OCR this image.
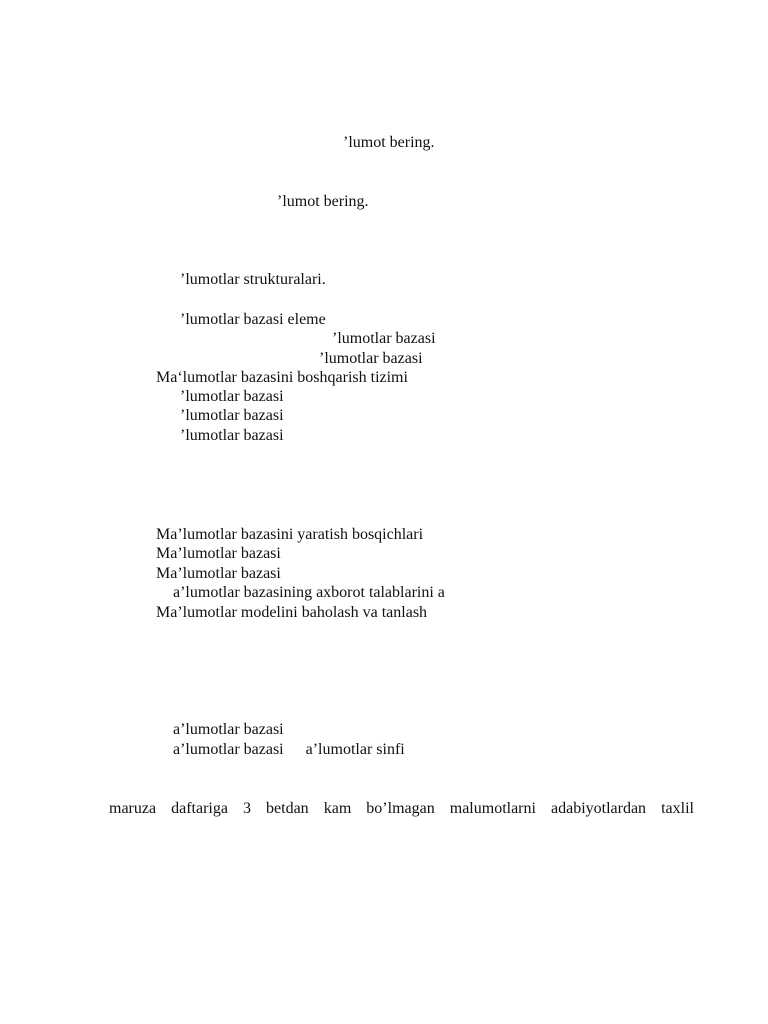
’lumot bering.
’lumot bering.
’lumotlar strukturalari.
’lumotlar bazasi eleme
’lumotlar bazasi
’lumotlar bazasi
Ma‘lumotlar bazasini boshqarish tizimi
’lumotlar bazasi
’lumotlar bazasi
’lumotlar bazasi
Ma’lumotlar bazasini yaratish bosqichlari
Ma’lumotlar bazasi
Ma’lumotlar bazasi
a’lumotlar bazasining axborot talablarini a
Ma’lumotlar modelini baholash va tanlash
a’lumotlar bazasi
a’lumotlar bazasi a’lumotlar sinfi
maruza daftariga 3 betdan kam bo’lmagan malumotlarni adabiyotlardan taxlil
